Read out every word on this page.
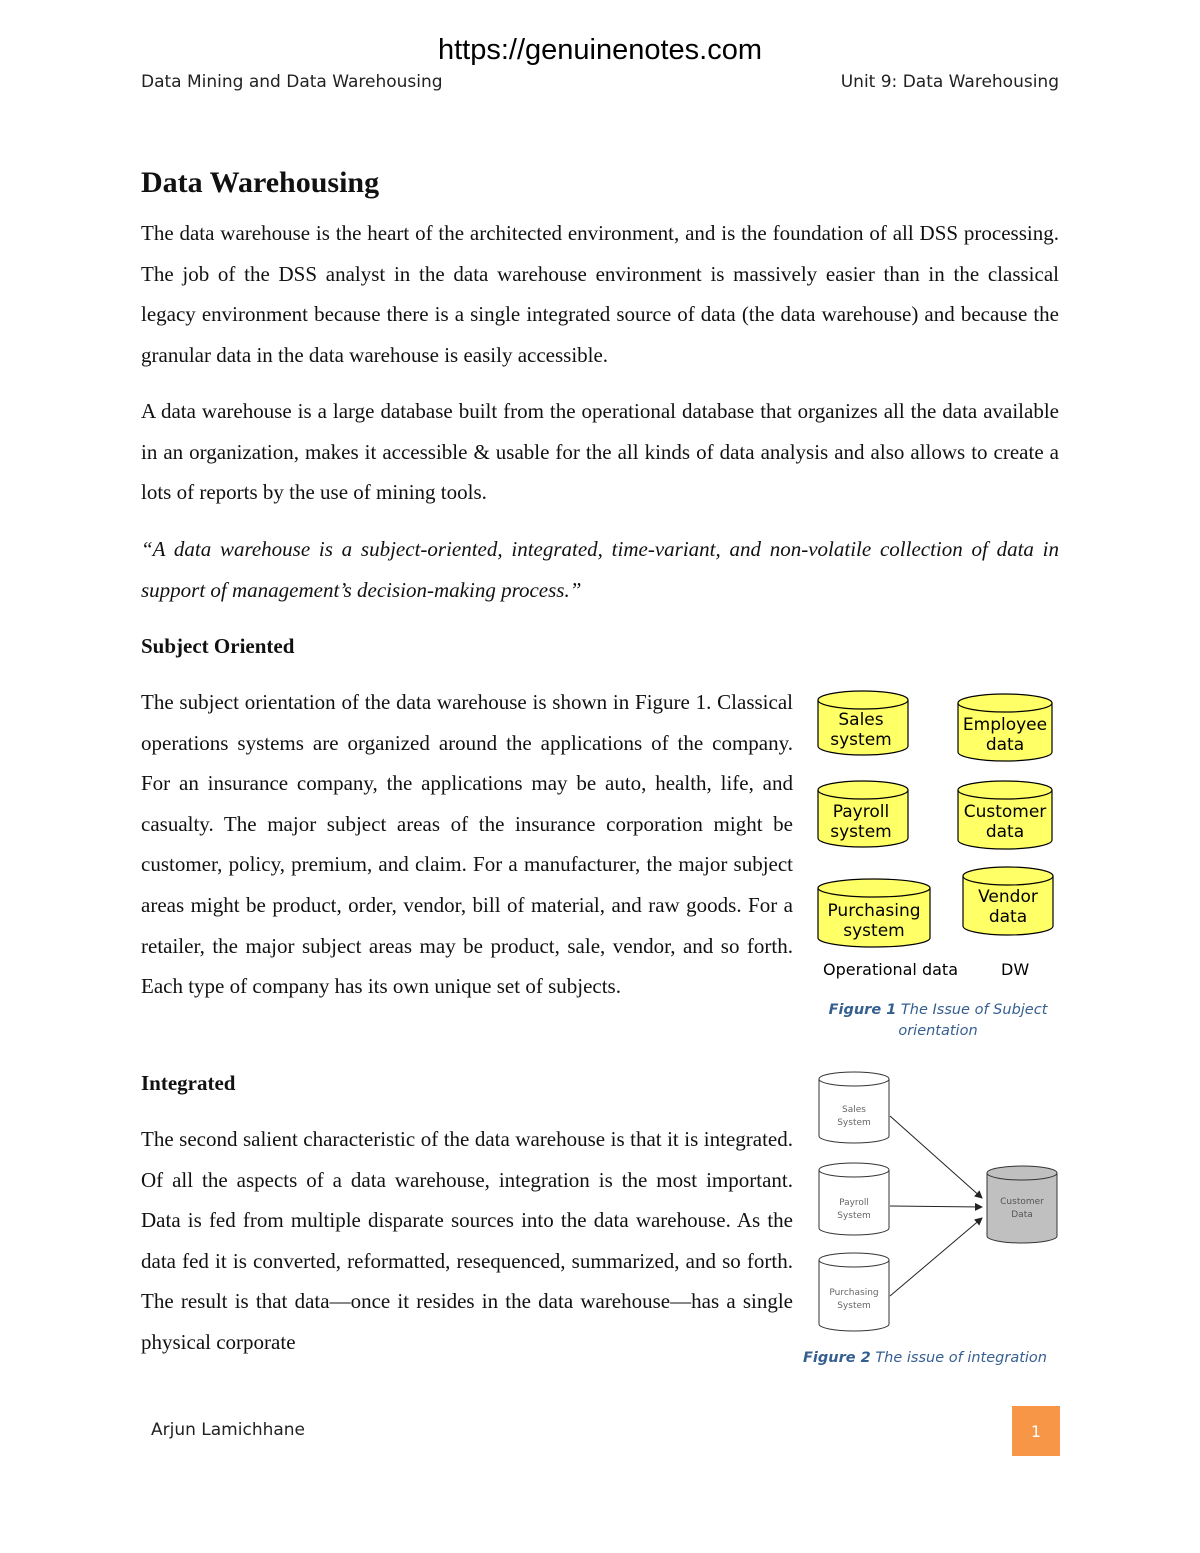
https://genuinenotes.com
Data Mining and Data Warehousing	Unit 9: Data Warehousing
Data Warehousing

The data warehouse is the heart of the architected environment, and is the foundation of all DSS processing. The job of the DSS analyst in the data warehouse environment is massively easier than in the classical legacy environment because there is a single integrated source of data (the data warehouse) and because the granular data in the data warehouse is easily accessible.

A data warehouse is a large database built from the operational database that organizes all the data available in an organization, makes it accessible & usable for the all kinds of data analysis and also allows to create a lots of reports by the use of mining tools.

“A data warehouse is a subject-oriented, integrated, time-variant, and non-volatile collection of data in support of management’s decision-making process.”

Subject Oriented

The subject orientation of the data warehouse is shown in Figure 1. Classical operations systems are organized around the applications of the company. For an insurance company, the applications may be auto, health, life, and casualty. The major subject areas of the insurance corporation might be customer, policy, premium, and claim. For a manufacturer, the major subject areas might be product, order, vendor, bill of material, and raw goods. For a retailer, the major subject areas may be product, sale, vendor, and so forth. Each type of company has its own unique set of subjects.

Integrated

The second salient characteristic of the data warehouse is that it is integrated. Of all the aspects of a data warehouse, integration is the most important. Data is fed from multiple disparate sources into the data warehouse. As the data fed it is converted, reformatted, resequenced, summarized, and so forth. The result is that data—once it resides in the data warehouse—has a single physical corporate

Sales
system
Employee
data
Payroll
system
Customer
data
Purchasing
system
Vendor
data
Operational data	DW
Figure 1 The Issue of Subject orientation
Sales
System
Payroll
System
Purchasing
System
Customer
Data
Figure 2 The issue of integration
Arjun Lamichhane	1
